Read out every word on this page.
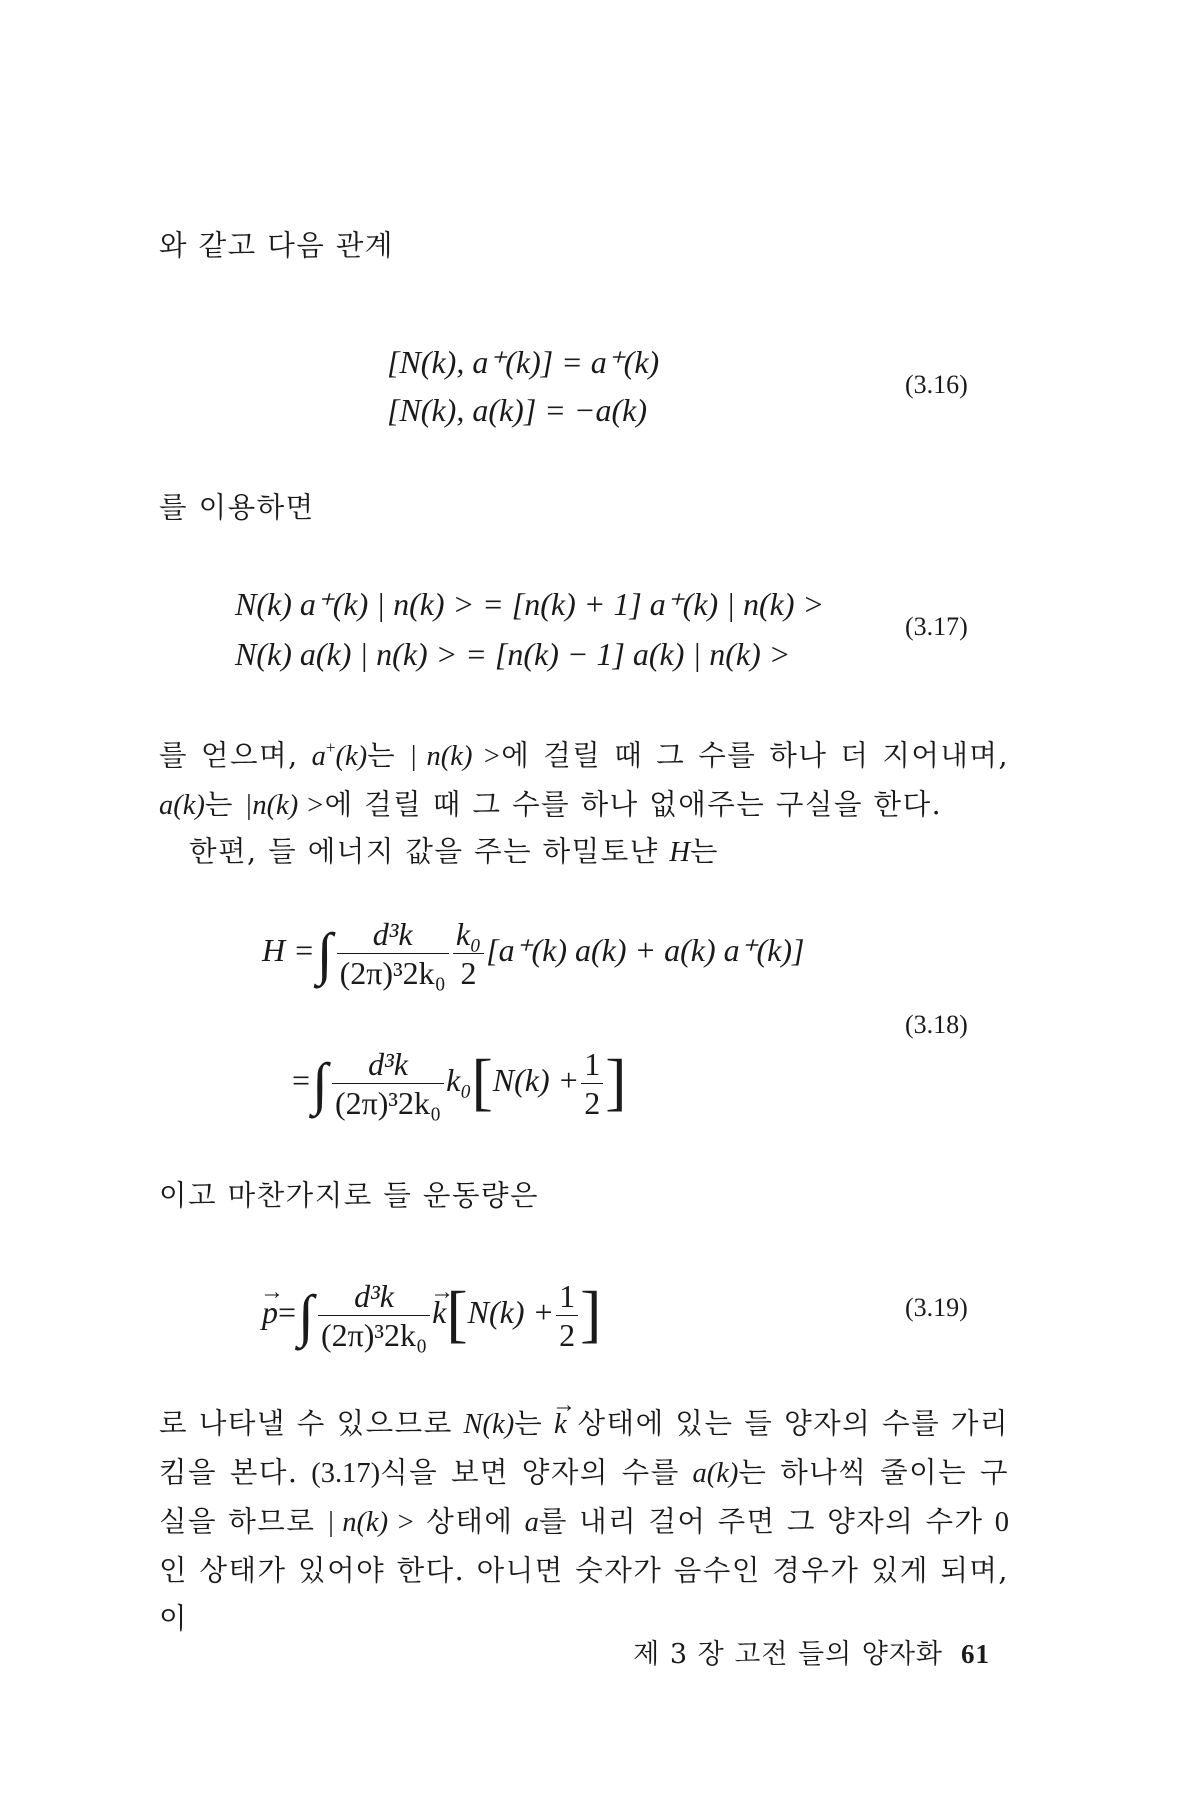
와 같고 다음 관계

[N(k), a⁺(k)] = a⁺(k)
[N(k), a(k)] = −a(k)
(3.16)

를 이용하면

N(k) a⁺(k) | n(k) > = [n(k) + 1] a⁺(k) | n(k) >
N(k) a(k) | n(k) > = [n(k) − 1] a(k) | n(k) >
(3.17)

를 얻으며, a+(k)는 | n(k) >에 걸릴 때 그 수를 하나 더 지어내며, a(k)는 |n(k) >에 걸릴 때 그 수를 하나 없애주는 구실을 한다.

한편, 들 에너지 값을 주는 하밀토냔 H는

H =∫ $\frac{\text{d³k}}{\text{(2π)³2k₀}} \frac{\text{k₀}}{2} [a^+(k) a(k) + a(k)$ a⁺(k)]
=∫ $\frac{\text{d³k}}{\text{(2π)³2k₀}} k_0[N(k) + \frac{1}{2}$ ]
(3.18)

이고 마찬가지로 들 운동량은

→ $p=\int \frac{\text{d³k}}{\text{(2π)³2k₀}}$
→ $k[N(k) + \frac{1}{2}$ ]	(3.19)

로 나타낼 수 있으므로 N(k)는 → k 상태에 있는 들 양자의 수를 가리킴을 본다. (3.17)식을 보면 양자의 수를 a(k)는 하나씩 줄이는 구실을 하므로 | n(k) > 상태에 a를 내리 걸어 주면 그 양자의 수가 0인 상태가 있어야 한다. 아니면 숫자가 음수인 경우가 있게 되며, 이

제 3 장 고전 들의 양자화 61
